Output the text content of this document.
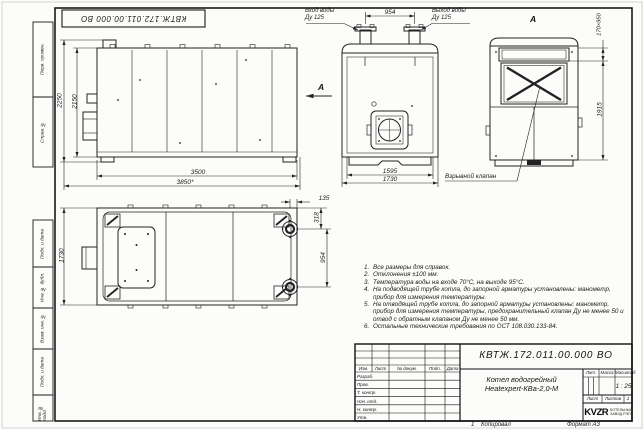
КВТЖ.172.011.00.000 ВО
Перв. примен.
Справ. №
Подп. и дата
Инв. № дубл.
Взам. инв. №
Подп. и дата
Инв. № подл.
2250 2150
3500
3850*
А
Вход воды
Ду 125
954	Выход воды
Ду 125
1595
1730
А	170×950
1915
Взрывной клапан
1730
135
318
954
1. Все размеры для справок.
2. Отклонения ±100 мм.
3. Температура воды на входе 70°С, на выходе 95°С.
4. На подводящей трубе котла, до запорной арматуры установлены: манометр, прибор для измерения температуры.
5. На отводящей трубе котла, до запорной арматуры установлены: манометр, прибор для измерения температуры, предохранительный клапан Ду не менее 50 и отвод с обратным клапаном Ду не менее 50 мм.
6. Остальные технические требования по ОСТ 108.030.133-84.
КВТЖ.172.011.00.000 ВО
Котел водогрейный
Heatexpert-КВа-2,0-М
Изм.	Лист	№ докум.	Подп.	Дата
Разраб.
Пров.
Т. контр.
Нач. отд.
Н. контр.
Утв.
Лит. Масса Масштаб
1 : 25
Лист	Листов	1
KVZR КОТЕЛЬНЫЙ
ЗАВОД РЭП
1 Копировал	Формат А3
